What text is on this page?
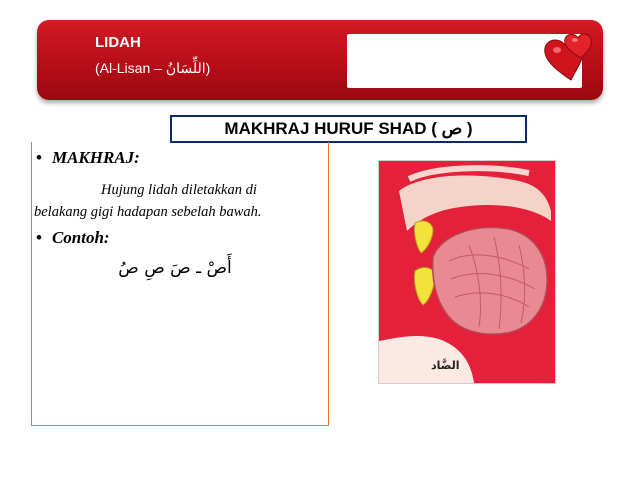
LIDAH
(Al-Lisan – اللِّسَانُ)
MAKHRAJ HURUF SHAD ( ص )
• MAKHRAJ:
Hujung lidah diletakkan di
belakang gigi hadapan sebelah bawah.
• Contoh:
أَصْ ـ صَ صِ صُ
الضَّاد
